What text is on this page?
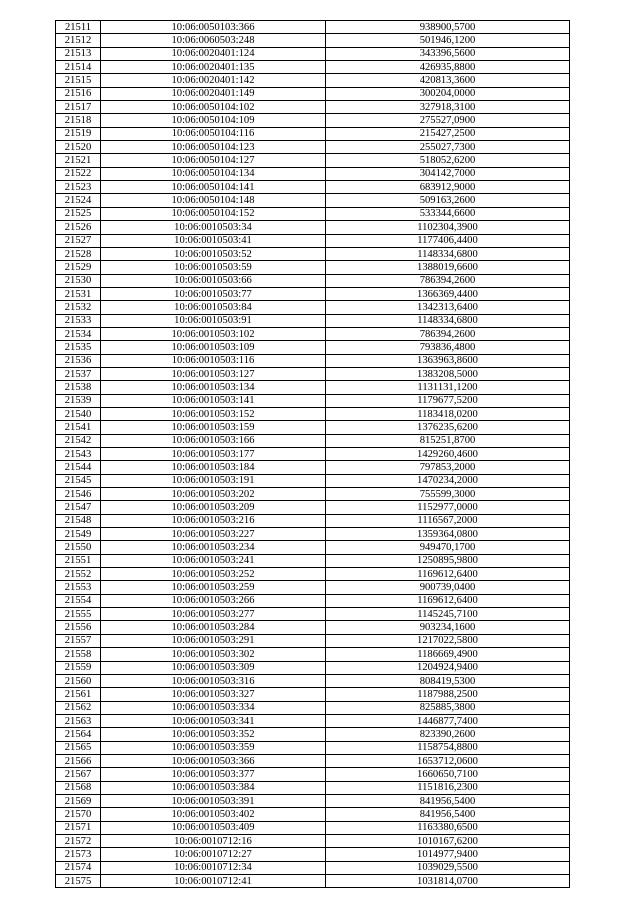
21511	10:06:0050103:366	938900,5700
21512	10:06:0060503:248	501946,1200
21513	10:06:0020401:124	343396,5600
21514	10:06:0020401:135	426935,8800
21515	10:06:0020401:142	420813,3600
21516	10:06:0020401:149	300204,0000
21517	10:06:0050104:102	327918,3100
21518	10:06:0050104:109	275527,0900
21519	10:06:0050104:116	215427,2500
21520	10:06:0050104:123	255027,7300
21521	10:06:0050104:127	518052,6200
21522	10:06:0050104:134	304142,7000
21523	10:06:0050104:141	683912,9000
21524	10:06:0050104:148	509163,2600
21525	10:06:0050104:152	533344,6600
21526	10:06:0010503:34	1102304,3900
21527	10:06:0010503:41	1177406,4400
21528	10:06:0010503:52	1148334,6800
21529	10:06:0010503:59	1388019,6600
21530	10:06:0010503:66	786394,2600
21531	10:06:0010503:77	1366369,4400
21532	10:06:0010503:84	1342313,6400
21533	10:06:0010503:91	1148334,6800
21534	10:06:0010503:102	786394,2600
21535	10:06:0010503:109	793836,4800
21536	10:06:0010503:116	1363963,8600
21537	10:06:0010503:127	1383208,5000
21538	10:06:0010503:134	1131131,1200
21539	10:06:0010503:141	1179677,5200
21540	10:06:0010503:152	1183418,0200
21541	10:06:0010503:159	1376235,6200
21542	10:06:0010503:166	815251,8700
21543	10:06:0010503:177	1429260,4600
21544	10:06:0010503:184	797853,2000
21545	10:06:0010503:191	1470234,2000
21546	10:06:0010503:202	755599,3000
21547	10:06:0010503:209	1152977,0000
21548	10:06:0010503:216	1116567,2000
21549	10:06:0010503:227	1359364,0800
21550	10:06:0010503:234	949470,1700
21551	10:06:0010503:241	1250895,9800
21552	10:06:0010503:252	1169612,6400
21553	10:06:0010503:259	900739,0400
21554	10:06:0010503:266	1169612,6400
21555	10:06:0010503:277	1145245,7100
21556	10:06:0010503:284	903234,1600
21557	10:06:0010503:291	1217022,5800
21558	10:06:0010503:302	1186669,4900
21559	10:06:0010503:309	1204924,9400
21560	10:06:0010503:316	808419,5300
21561	10:06:0010503:327	1187988,2500
21562	10:06:0010503:334	825885,3800
21563	10:06:0010503:341	1446877,7400
21564	10:06:0010503:352	823390,2600
21565	10:06:0010503:359	1158754,8800
21566	10:06:0010503:366	1653712,0600
21567	10:06:0010503:377	1660650,7100
21568	10:06:0010503:384	1151816,2300
21569	10:06:0010503:391	841956,5400
21570	10:06:0010503:402	841956,5400
21571	10:06:0010503:409	1163380,6500
21572	10:06:0010712:16	1010167,6200
21573	10:06:0010712:27	1014977,9400
21574	10:06:0010712:34	1039029,5500
21575	10:06:0010712:41	1031814,0700
